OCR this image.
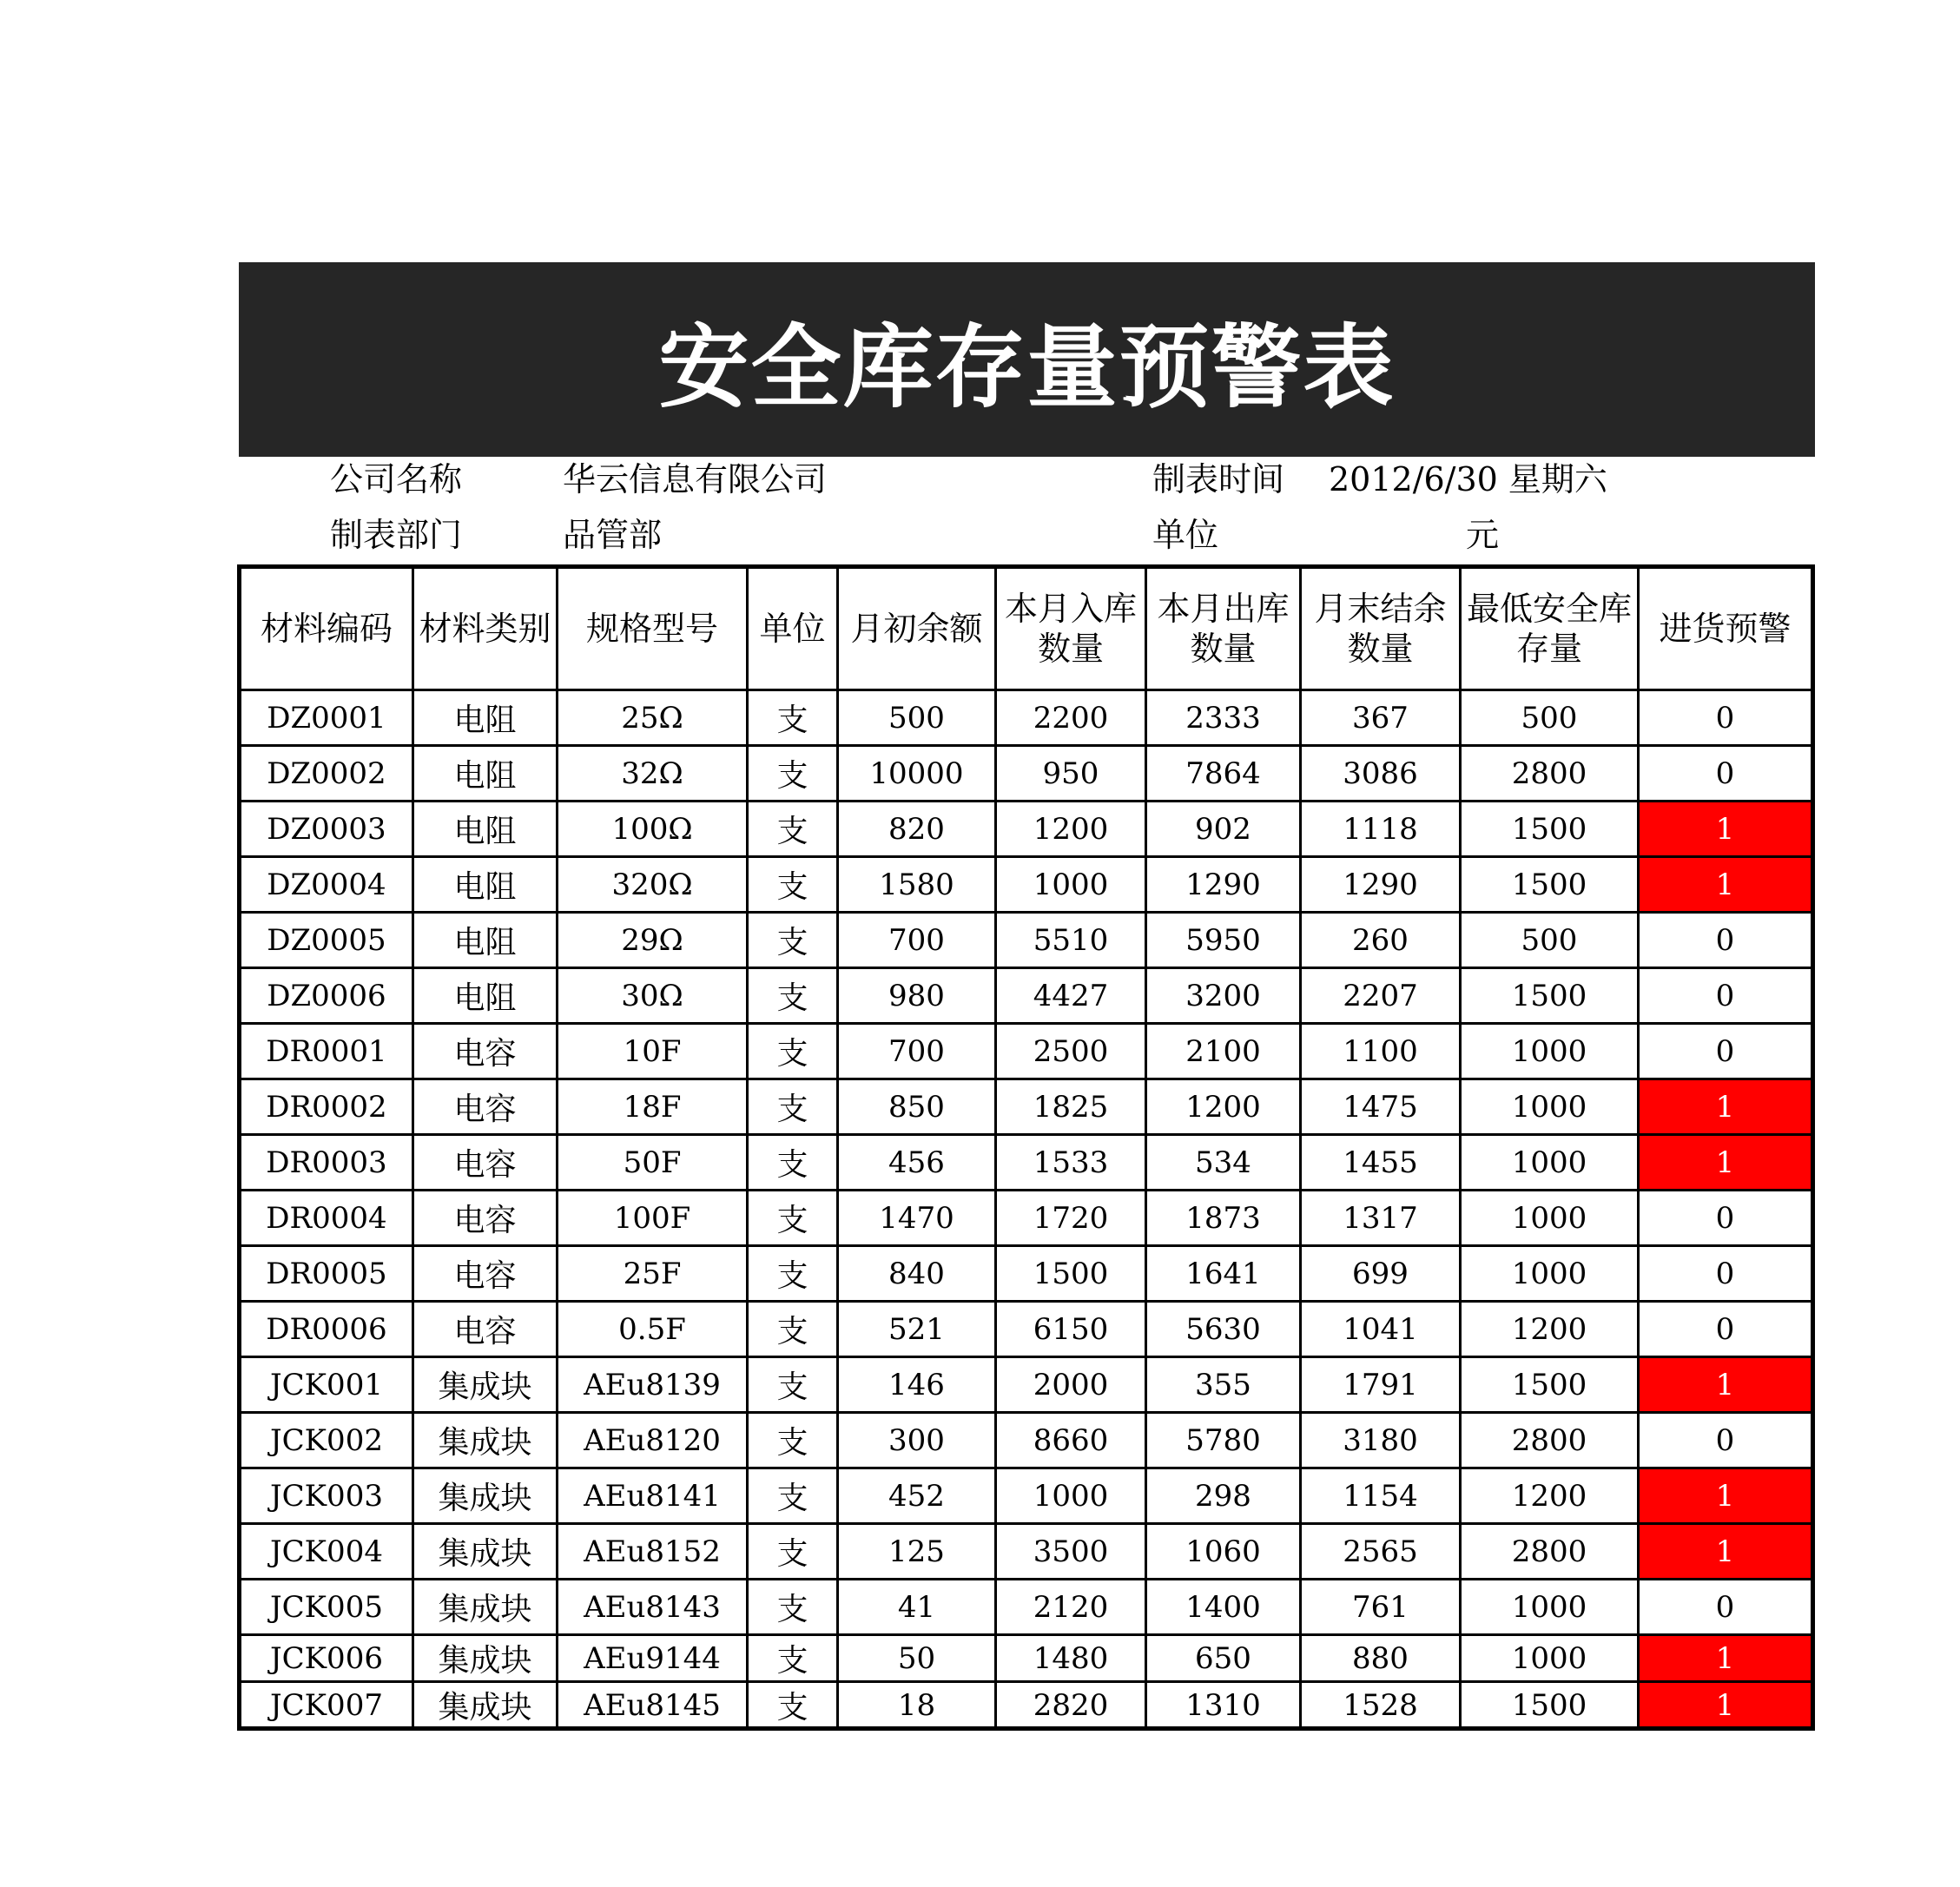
安全库存量预警表
公司名称	华云信息有限公司	制表时间 2012/6/30 星期六
制表部门	品管部	单位	元
材料编码	材料类别	规格型号	单位	月初余额	本月入库数量	本月出库数量	月末结余数量	最低安全库存量	进货预警
DZ0001	电阻	25Ω	支	500	2200	2333	367	500	0
DZ0002	电阻	32Ω	支	10000	950	7864	3086	2800	0
DZ0003	电阻	100Ω	支	820	1200	902	1118	1500	1
DZ0004	电阻	320Ω	支	1580	1000	1290	1290	1500	1
DZ0005	电阻	29Ω	支	700	5510	5950	260	500	0
DZ0006	电阻	30Ω	支	980	4427	3200	2207	1500	0
DR0001	电容	10F	支	700	2500	2100	1100	1000	0
DR0002	电容	18F	支	850	1825	1200	1475	1000	1
DR0003	电容	50F	支	456	1533	534	1455	1000	1
DR0004	电容	100F	支	1470	1720	1873	1317	1000	0
DR0005	电容	25F	支	840	1500	1641	699	1000	0
DR0006	电容	0.5F	支	521	6150	5630	1041	1200	0
JCK001	集成块	AEu8139	支	146	2000	355	1791	1500	1
JCK002	集成块	AEu8120	支	300	8660	5780	3180	2800	0
JCK003	集成块	AEu8141	支	452	1000	298	1154	1200	1
JCK004	集成块	AEu8152	支	125	3500	1060	2565	2800	1
JCK005	集成块	AEu8143	支	41	2120	1400	761	1000	0
JCK006	集成块	AEu9144	支	50	1480	650	880	1000	1
JCK007	集成块	AEu8145	支	18	2820	1310	1528	1500	1
